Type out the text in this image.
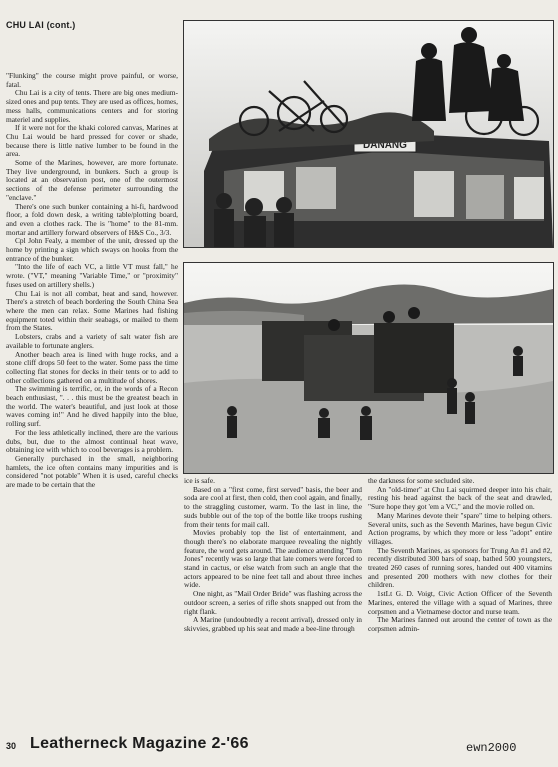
CHU LAI (cont.)
DANANG

"Flunking" the course might prove painful, or worse, fatal.

Chu Lai is a city of tents. There are big ones medium-sized ones and pup tents. They are used as offices, homes, mess halls, communications centers and for storing materiel and supplies.

If it were not for the khaki colored canvas, Marines at Chu Lai would be hard pressed for cover or shade, because there is little native lumber to be found in the area.

Some of the Marines, however, are more fortunate. They live underground, in bunkers. Such a group is located at an observation post, one of the outermost sections of the defense perimeter surrounding the "enclave."

There's one such bunker containing a hi-fi, hardwood floor, a fold down desk, a writing table/plotting board, and even a clothes rack. The is "home" to the 81-mm. mortar and artillery forward observers of H&S Co., 3/3.

Cpl John Fealy, a member of the unit, dressed up the home by printing a sign which sways on hooks from the entrance of the bunker.

"Into the life of each VC, a little VT must fall," he wrote. ("VT," meaning "Variable Time," or "proximity" fuses used on artillery shells.)

Chu Lai is not all combat, heat and sand, however. There's a stretch of beach bordering the South China Sea where the men can relax. Some Marines had fishing equipment toted within their seabags, or mailed to them from the States.

Lobsters, crabs and a variety of salt water fish are available to fortunate anglers.

Another beach area is lined with huge rocks, and a stone cliff drops 50 feet to the water. Some pass the time collecting flat stones for decks in their tents or to add to other collections gathered on a multitude of shores.

The swimming is terrific, or, in the words of a Recon beach enthusiast, ". . . this must be the greatest beach in the world. The water's beautiful, and just look at those waves coming in!" And he dived happily into the blue, rolling surf.

For the less athletically inclined, there are the various dubs, but, due to the almost continual heat wave, obtaining ice with which to cool beverages is a problem.

Generally purchased in the small, neighboring hamlets, the ice often contains many impurities and is considered "not potable" When it is used, careful checks are made to be certain that the	ice is safe.

Based on a "first come, first served" basis, the beer and soda are cool at first, then cold, then cool again, and finally, to the straggling customer, warm. To the last in line, the suds bubble out of the top of the bottle like troops rushing from their tents for mail call.

Movies probably top the list of entertainment, and though there's no elaborate marquee revealing the nightly feature, the word gets around. The audience attending "Tom Jones" recently was so large that late comers were forced to stand in cactus, or else watch from such an angle that the actors appeared to be nine feet tall and about three inches wide.

One night, as "Mail Order Bride" was flashing across the outdoor screen, a series of rifle shots snapped out from the right flank.

A Marine (undoubtedly a recent arrival), dressed only in skivvies, grabbed up his seat and made a bee-line through

the darkness for some secluded site.

An "old-timer" at Chu Lai squirmed deeper into his chair, resting his head against the back of the seat and drawled, "Sure hope they got 'em a VC," and the movie rolled on.

Many Marines devote their "spare" time to helping others. Several units, such as the Seventh Marines, have begun Civic Action programs, by which they more or less "adopt" entire villages.

The Seventh Marines, as sponsors for Trung An #1 and #2, recently distributed 300 bars of soap, bathed 500 youngsters, treated 260 cases of running sores, handed out 400 vitamins and presented 200 mothers with new clothes for their children.

1stLt G. D. Voigt, Civic Action Officer of the Seventh Marines, entered the village with a squad of Marines, three corpsmen and a Vietnamese doctor and nurse team.

The Marines fanned out around the center of town as the corpsmen admin-

30 Leatherneck Magazine 2-'66	ewn2000
